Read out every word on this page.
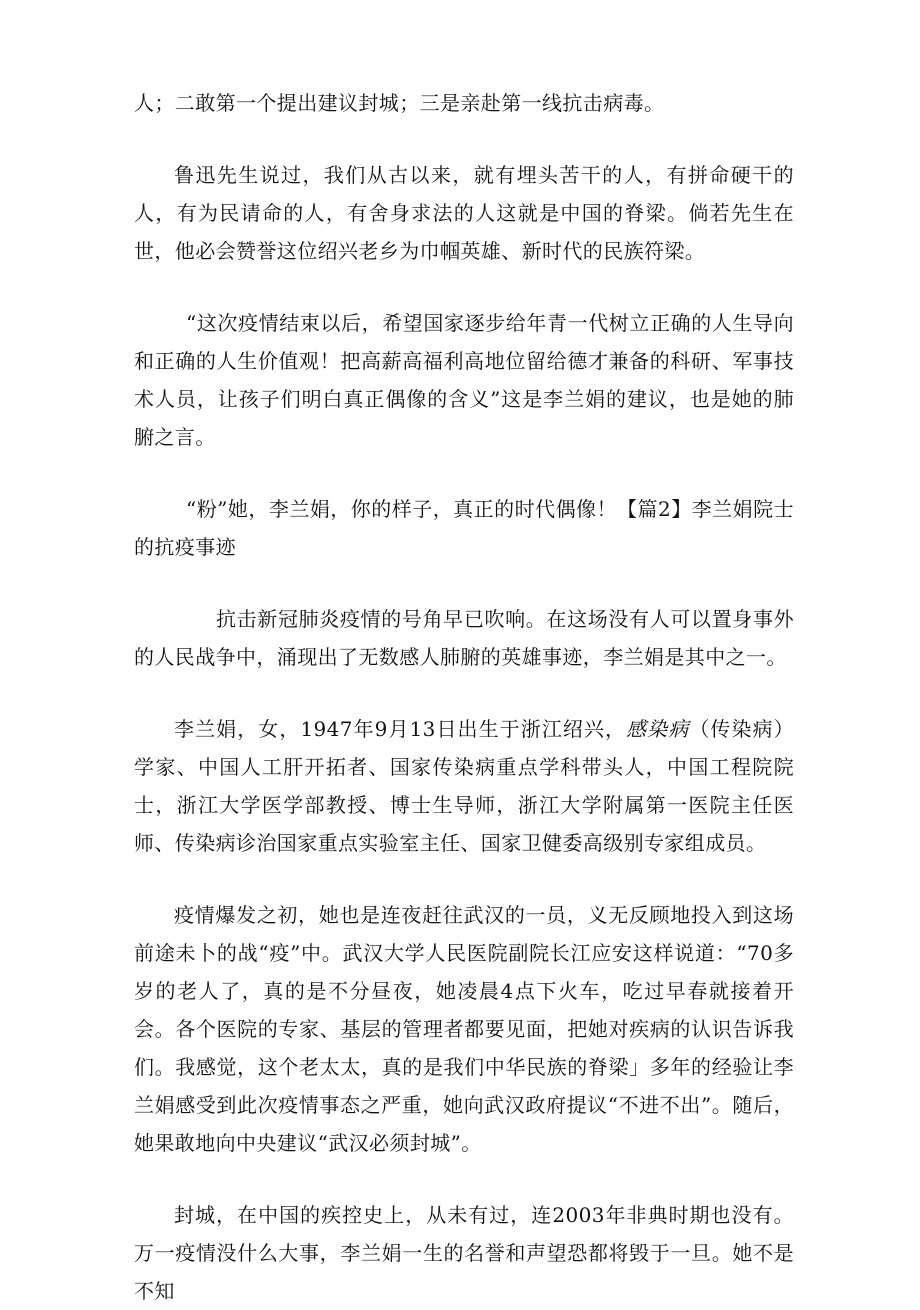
人；二敢第一个提出建议封城；三是亲赴第一线抗击病毒。

鲁迅先生说过，我们从古以来，就有埋头苦干的人，有拼命硬干的人，有为民请命的人，有舍身求法的人这就是中国的脊梁。倘若先生在世，他必会赞誉这位绍兴老乡为巾帼英雄、新时代的民族符梁。

“这次疫情结束以后，希望国家逐步给年青一代树立正确的人生导向和正确的人生价值观！把高薪高福利高地位留给德才兼备的科研、军事技术人员，让孩子们明白真正偶像的含义”这是李兰娟的建议，也是她的肺腑之言。

“粉”她，李兰娟，你的样子，真正的时代偶像！【篇2】李兰娟院士的抗疫事迹

抗击新冠肺炎疫情的号角早已吹响。在这场没有人可以置身事外的人民战争中，涌现出了无数感人肺腑的英雄事迹，李兰娟是其中之一。

李兰娟，女，1947年9月13日出生于浙江绍兴，感染病（传染病）学家、中国人工肝开拓者、国家传染病重点学科带头人，中国工程院院士，浙江大学医学部教授、博士生导师，浙江大学附属第一医院主任医师、传染病诊治国家重点实验室主任、国家卫健委高级别专家组成员。

疫情爆发之初，她也是连夜赶往武汉的一员，义无反顾地投入到这场前途未卜的战“疫”中。武汉大学人民医院副院长江应安这样说道：“70多岁的老人了，真的是不分昼夜，她凌晨4点下火车，吃过早春就接着开会。各个医院的专家、基层的管理者都要见面，把她对疾病的认识告诉我们。我感觉，这个老太太，真的是我们中华民族的脊梁」多年的经验让李兰娟感受到此次疫情事态之严重，她向武汉政府提议“不进不出”。随后，她果敢地向中央建议“武汉必须封城”。

封城，在中国的疾控史上，从未有过，连2003年非典时期也没有。万一疫情没什么大事，李兰娟一生的名誉和声望恐都将毁于一旦。她不是不知
